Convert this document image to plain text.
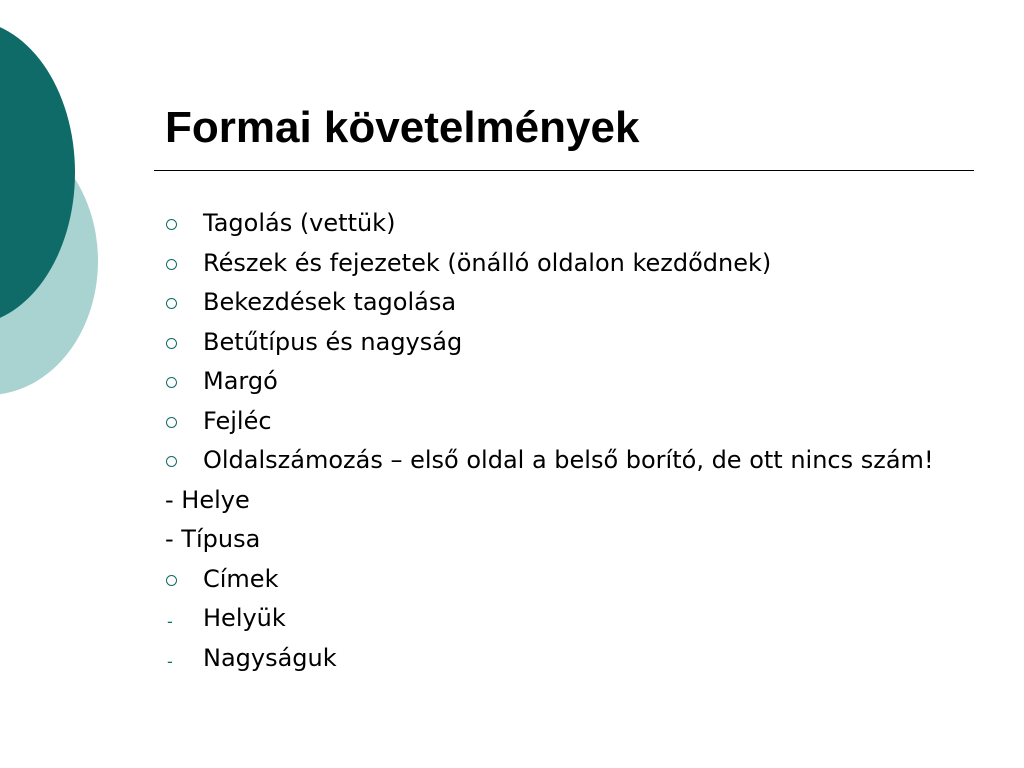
Formai követelmények
Tagolás (vettük)
Részek és fejezetek (önálló oldalon kezdődnek)
Bekezdések tagolása
Betűtípus és nagyság
Margó
Fejléc
Oldalszámozás – első oldal a belső borító, de ott nincs szám!
- Helye
- Típusa
Címek
-	Helyük
-	Nagyságuk
